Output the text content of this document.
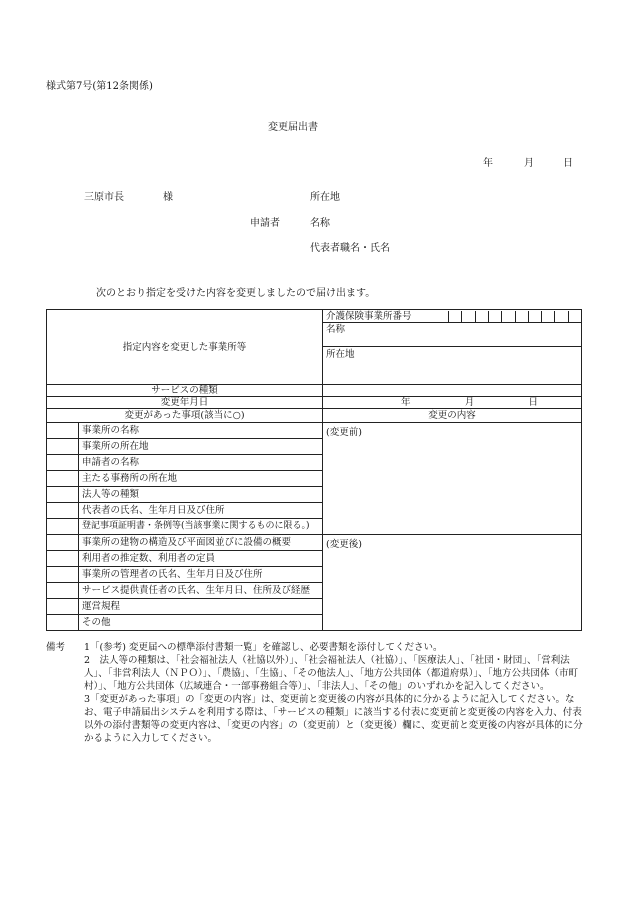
様式第7号(第12条関係)
変更届出書
年	月	日
三原市長	様	所在地
申請者	名称
代表者職名・氏名
次のとおり指定を受けた内容を変更しましたので届け出ます。
指定内容を変更した事業所等		介護保険事業所番号

		名称
		所在地

サービスの種類		
変更年月日		年 月 日

変更があった事項(該当に○)		変更の内容
	事業所の名称	(変更前)
	事業所の所在地	
	申請者の名称	
	主たる事務所の所在地	
	法人等の種類	
	代表者の氏名、生年月日及び住所	
	登記事項証明書・条例等(当該事業に関するものに限る。)	
	事業所の建物の構造及び平面図並びに設備の概要	(変更後)
	利用者の推定数、利用者の定員	
	事業所の管理者の氏名、生年月日及び住所	
	サービス提供責任者の氏名、生年月日、住所及び経歴	
	運営規程	
	その他	
備考 1「(参考) 変更届への標準添付書類一覧」を確認し、必要書類を添付してください。

2　法人等の種類は、「社会福祉法人（社協以外）」、「社会福祉法人（社協）」、「医療法人」、「社団・財団」、「営利法人」、「非営利法人（ＮＰＯ）」、「農協」、「生協」、「その他法人」、「地方公共団体（都道府県）」、「地方公共団体（市町村）」、「地方公共団体（広域連合・一部事務組合等）」、「非法人」、「その他」のいずれかを記入してください。

3「変更があった事項」の「変更の内容」は、変更前と変更後の内容が具体的に分かるように記入してください。なお、電子申請届出システムを利用する際は、「サービスの種類」に該当する付表に変更前と変更後の内容を入力、付表以外の添付書類等の変更内容は、「変更の内容」の（変更前）と（変更後）欄に、変更前と変更後の内容が具体的に分かるように入力してください。
